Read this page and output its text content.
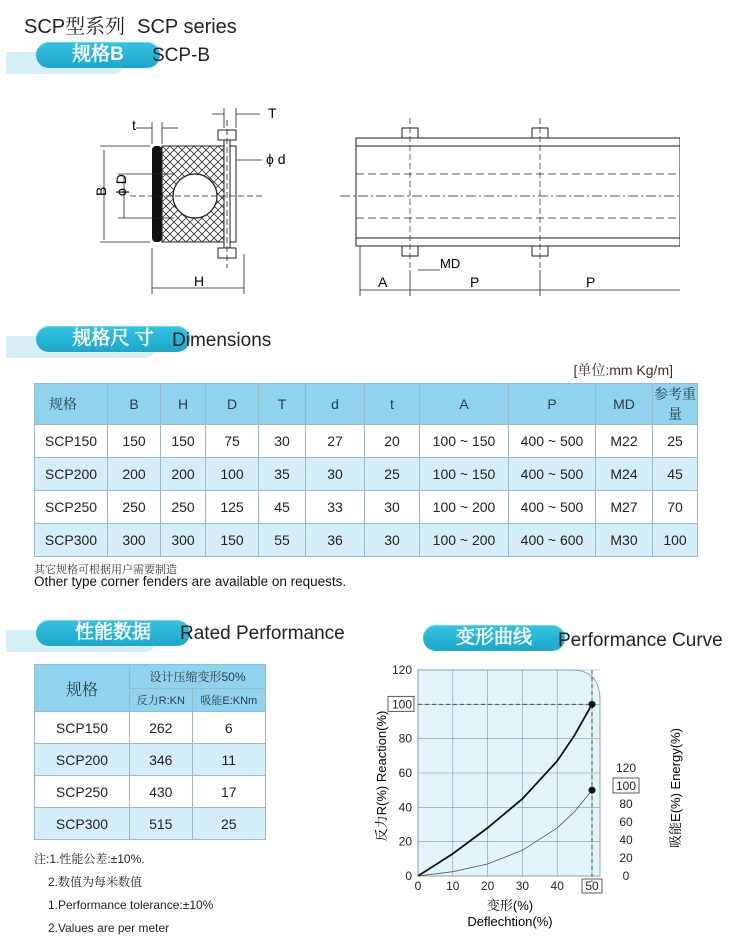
SCP型系列 SCP series
规格B	SCP-B
t
T
ϕ d
B ϕ D
H
MD
A	P	P
规格尺 寸 Dimensions
[单位:mm Kg/m]
规格	B	H	D	T	d	t	A	P	MD	参考重量
SCP150	150	150	75	30	27	20	100 ~ 150	400 ~ 500	M22	25
SCP200	200	200	100	35	30	25	100 ~ 150	400 ~ 500	M24	45
SCP250	250	250	125	45	33	30	100 ~ 200	400 ~ 500	M27	70
SCP300	300	300	150	55	36	30	100 ~ 200	400 ~ 600	M30	100
其它规格可根据用户需要制造
Other type corner fenders are available on requests.
性能数据	Rated Performance
规格	设计压缩变形50%	
	反力R:KN	吸能E:KNm
SCP150	262	6
SCP200	346	11
SCP250	430	17
SCP300	515	25
注:1.性能公差:±10%.
2.数值为每米数值
1.Performance tolerance:±10%
2.Values are per meter
变形曲线	Performance Curve
0 10 20 30 40 50
0
20
40
60
80
100
120
0
20
40
60
80
100
120
反力R(%) Reaction(%)	吸能E(%) Energy(%)
变形(%)
Deflechtion(%)
